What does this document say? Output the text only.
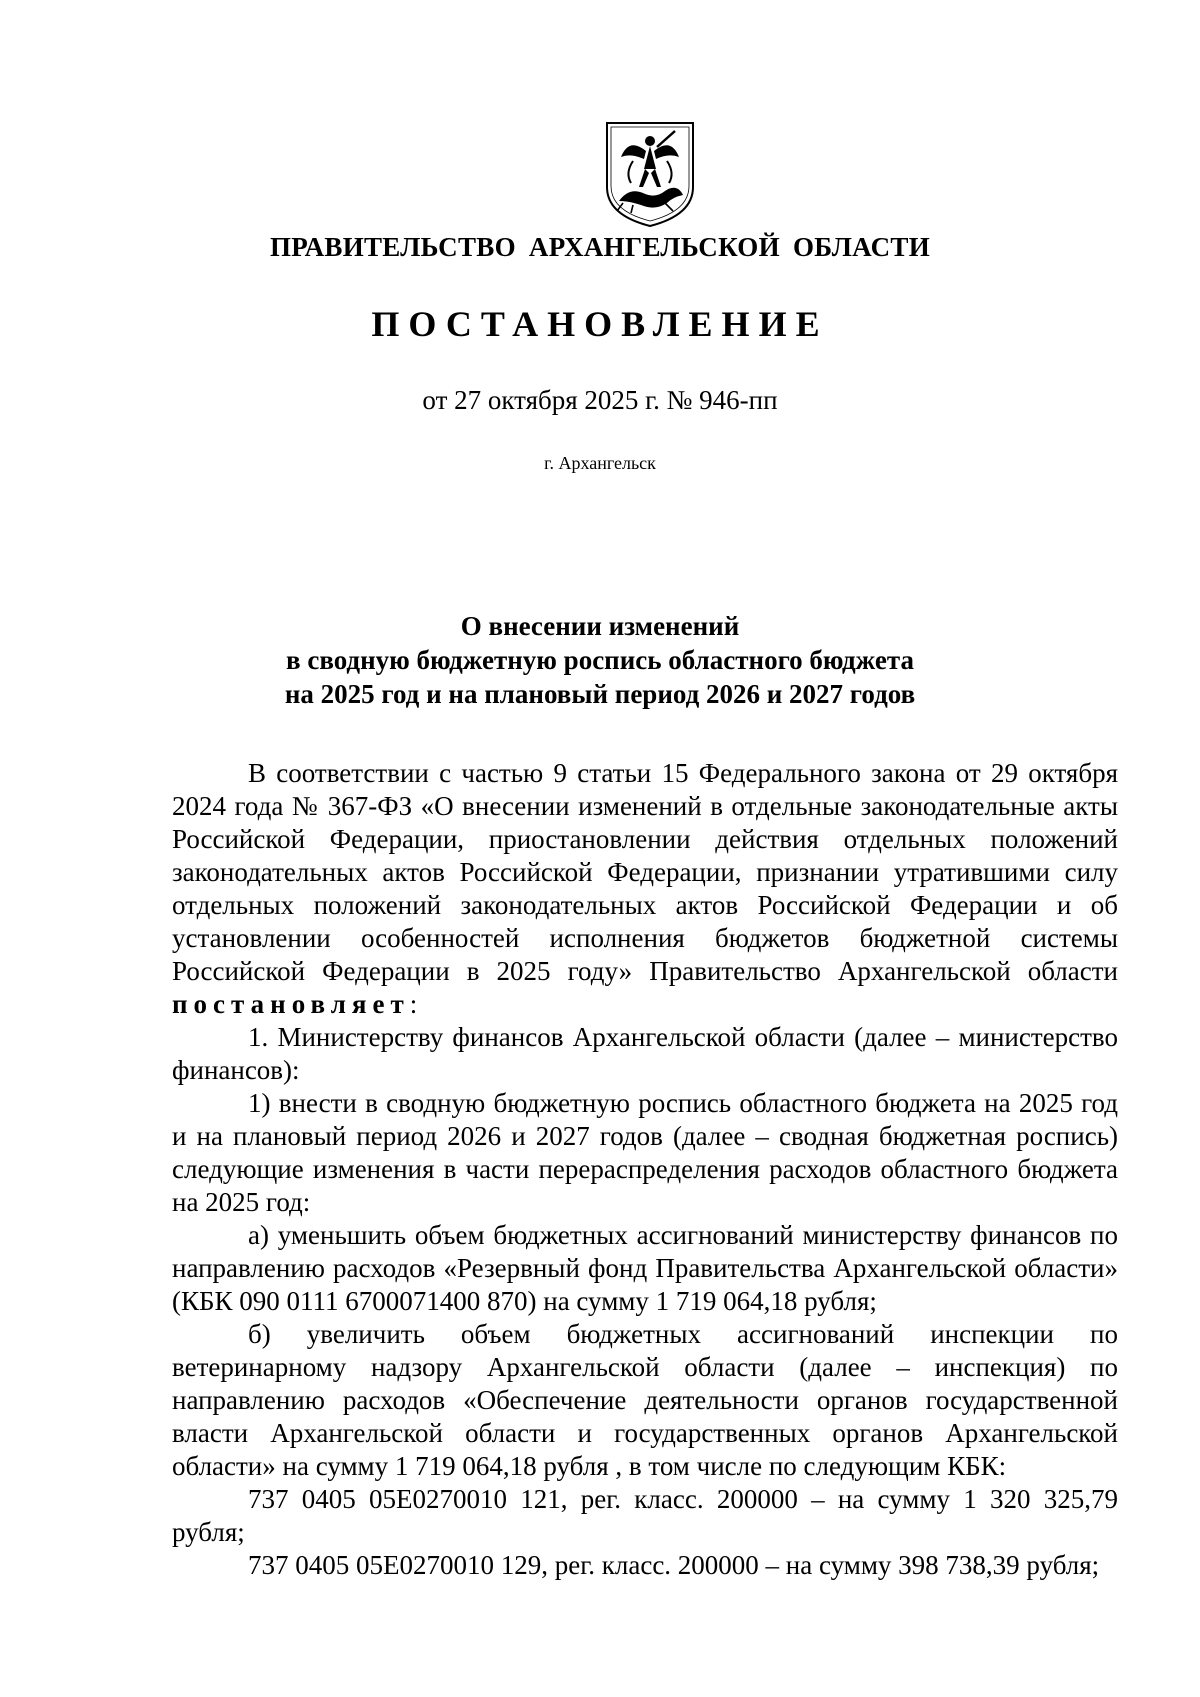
ПРАВИТЕЛЬСТВО АРХАНГЕЛЬСКОЙ ОБЛАСТИ

ПОСТАНОВЛЕНИЕ

от 27 октября 2025 г. № 946-пп

г. Архангельск

О внесении изменений
в сводную бюджетную роспись областного бюджета
на 2025 год и на плановый период 2026 и 2027 годов

В соответствии с частью 9 статьи 15 Федерального закона от 29 октября 2024 года № 367-ФЗ «О внесении изменений в отдельные законодательные акты Российской Федерации, приостановлении действия отдельных положений законодательных актов Российской Федерации, признании утратившими силу отдельных положений законодательных актов Российской Федерации и об установлении особенностей исполнения бюджетов бюджетной системы Российской Федерации в 2025 году» Правительство Архангельской области постановляет:

1. Министерству финансов Архангельской области (далее – министерство финансов):

1) внести в сводную бюджетную роспись областного бюджета на 2025 год и на плановый период 2026 и 2027 годов (далее – сводная бюджетная роспись) следующие изменения в части перераспределения расходов областного бюджета на 2025 год:

а) уменьшить объем бюджетных ассигнований министерству финансов по направлению расходов «Резервный фонд Правительства Архангельской области» (КБК 090 0111 6700071400 870) на сумму 1 719 064,18 рубля;

б) увеличить объем бюджетных ассигнований инспекции по ветеринарному надзору Архангельской области (далее – инспекция) по направлению расходов «Обеспечение деятельности органов государственной власти Архангельской области и государственных органов Архангельской области» на сумму 1 719 064,18 рубля , в том числе по следующим КБК:

737 0405 05Е0270010 121, рег. класс. 200000 – на сумму 1 320 325,79 рубля;

737 0405 05Е0270010 129, рег. класс. 200000 – на сумму 398 738,39 рубля;
